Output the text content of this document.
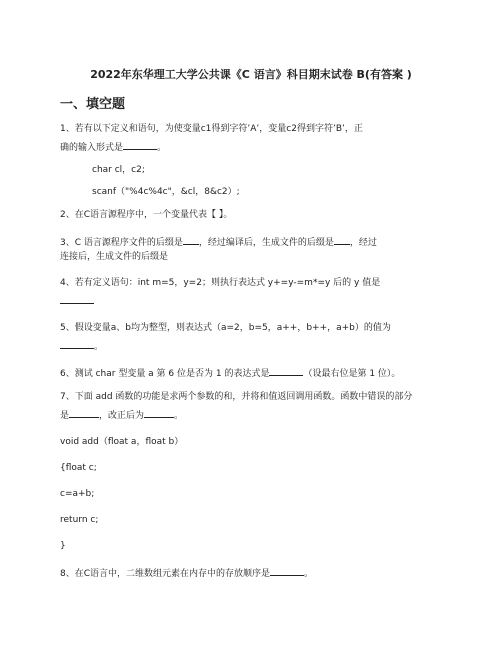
2022年东华理工大学公共课《C 语言》科目期末试卷 B(有答案 )
一、填空题
1、若有以下定义和语句，为使变量c1得到字符’A’，变量c2得到字符’B’，正
确的输入形式是	。
char cl，c2;
scanf（"%4c%4c"，&cl，8&c2）;
2、在C语言源程序中，一个变量代表【 】。
3、C 语言源程序文件的后缀是 ，经过编译后，生成文件的后缀是 ，经过
连接后，生成文件的后缀是
4、若有定义语句：int m=5，y=2；则执行表达式 y+=y-=m*=y 后的 y 值是
5、假设变量a、b均为整型，则表达式（a=2，b=5，a++，b++，a+b）的值为
。
6、测试 char 型变量 a 第 6 位是否为 1 的表达式是	（设最右位是第 1 位）。
7、下面 add 函数的功能是求两个参数的和，并将和值返回调用函数。函数中错误的部分
是	，改正后为	。
void add（float a，float b）
{float c;
c=a+b;
return c;
}
8、在C语言中，二维数组元素在内存中的存放顺序是	。
